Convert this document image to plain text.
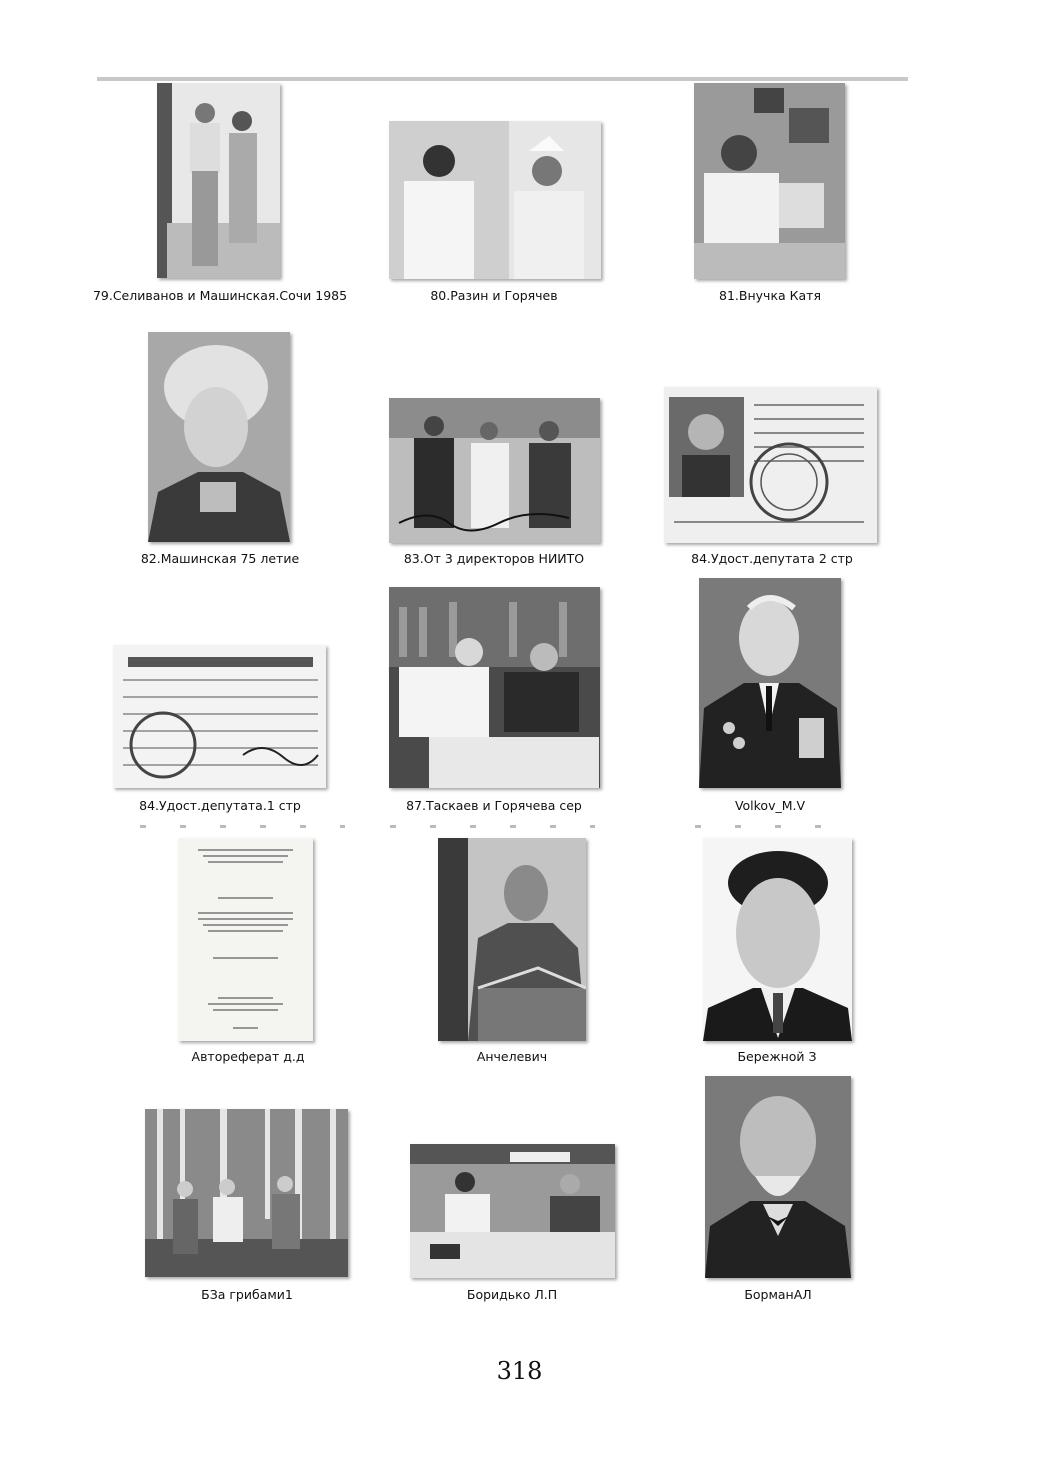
79.Селиванов и Машинская.Сочи 1985	80.Разин и Горячев	81.Внучка Катя
82.Машинская 75 летие	83.От 3 директоров НИИТО	84.Удост.депутата 2 стр
84.Удост.депутата.1 стр	87.Таскаев и Горячева сер	Volkov_M.V
Автореферат д.д	Анчелевич	Бережной З
БЗа грибами1	Боридько Л.П	БорманАЛ
318
